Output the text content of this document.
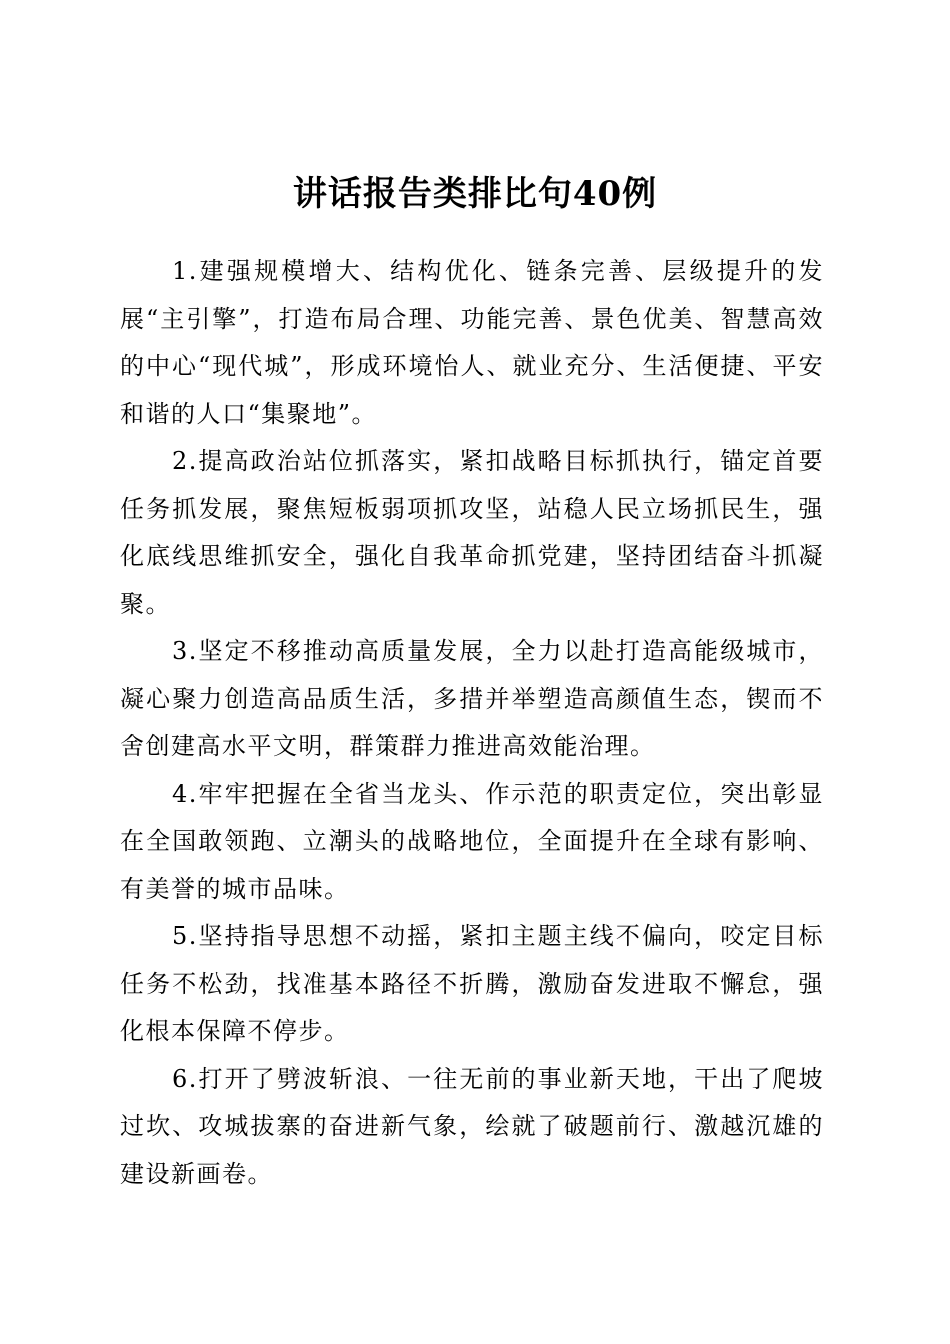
讲话报告类排比句40例

1.建强规模增大、结构优化、链条完善、层级提升的发展“主引擎”，打造布局合理、功能完善、景色优美、智慧高效的中心“现代城”，形成环境怡人、就业充分、生活便捷、平安和谐的人口“集聚地”。

2.提高政治站位抓落实，紧扣战略目标抓执行，锚定首要任务抓发展，聚焦短板弱项抓攻坚，站稳人民立场抓民生，强化底线思维抓安全，强化自我革命抓党建，坚持团结奋斗抓凝聚。

3.坚定不移推动高质量发展，全力以赴打造高能级城市，凝心聚力创造高品质生活，多措并举塑造高颜值生态，锲而不舍创建高水平文明，群策群力推进高效能治理。

4.牢牢把握在全省当龙头、作示范的职责定位，突出彰显在全国敢领跑、立潮头的战略地位，全面提升在全球有影响、有美誉的城市品味。

5.坚持指导思想不动摇，紧扣主题主线不偏向，咬定目标任务不松劲，找准基本路径不折腾，激励奋发进取不懈怠，强化根本保障不停步。

6.打开了劈波斩浪、一往无前的事业新天地，干出了爬坡过坎、攻城拔寨的奋进新气象，绘就了破题前行、激越沉雄的建设新画卷。
